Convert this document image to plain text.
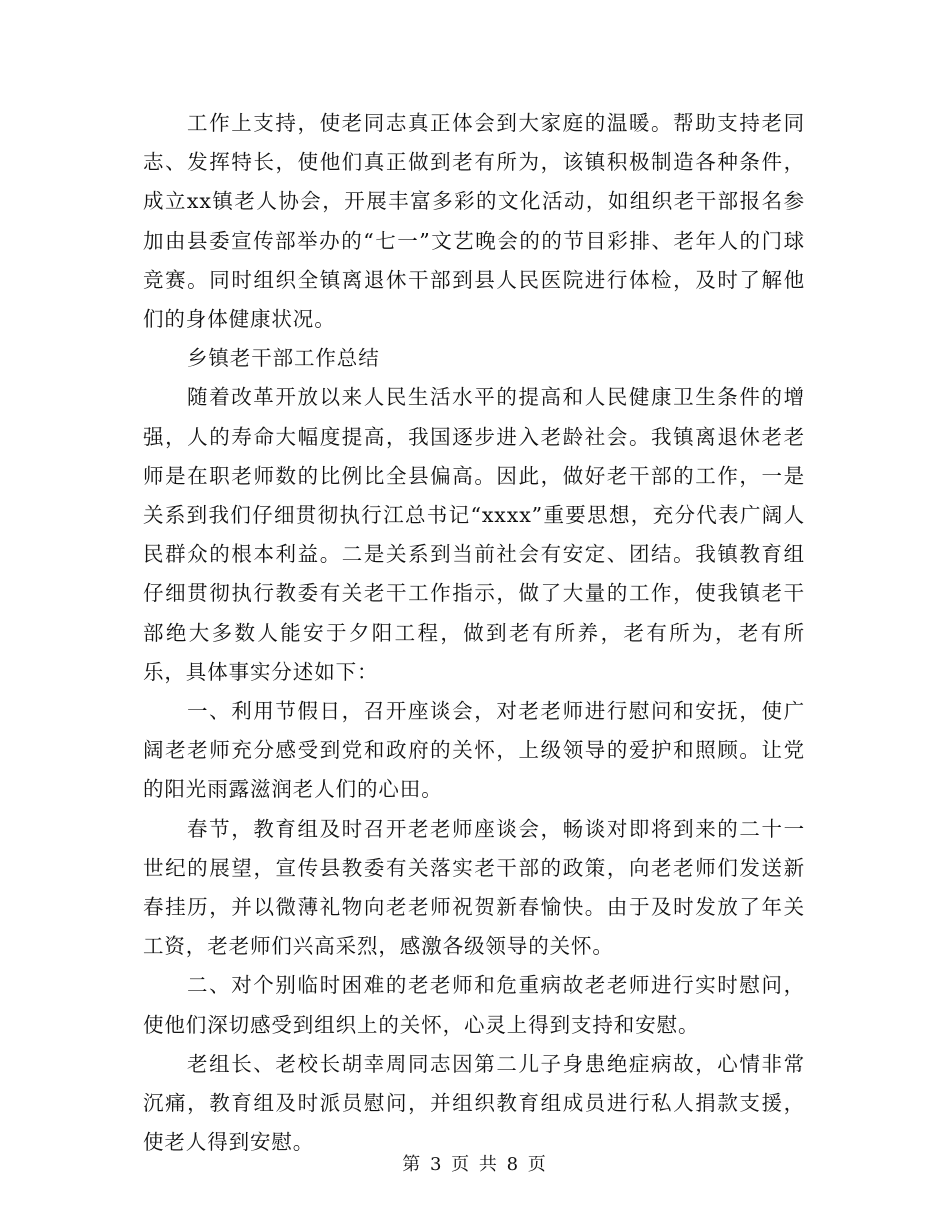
工作上支持，使老同志真正体会到大家庭的温暖。帮助支持老同志、发挥特长，使他们真正做到老有所为，该镇积极制造各种条件，成立xx镇老人协会，开展丰富多彩的文化活动，如组织老干部报名参加由县委宣传部举办的“七一”文艺晚会的的节目彩排、老年人的门球竞赛。同时组织全镇离退休干部到县人民医院进行体检，及时了解他们的身体健康状况。

乡镇老干部工作总结

随着改革开放以来人民生活水平的提高和人民健康卫生条件的增强，人的寿命大幅度提高，我国逐步进入老龄社会。我镇离退休老老师是在职老师数的比例比全县偏高。因此，做好老干部的工作，一是关系到我们仔细贯彻执行江总书记“xxxx”重要思想，充分代表广阔人民群众的根本利益。二是关系到当前社会有安定、团结。我镇教育组仔细贯彻执行教委有关老干工作指示，做了大量的工作，使我镇老干部绝大多数人能安于夕阳工程，做到老有所养，老有所为，老有所乐，具体事实分述如下：

一、利用节假日，召开座谈会，对老老师进行慰问和安抚，使广阔老老师充分感受到党和政府的关怀，上级领导的爱护和照顾。让党的阳光雨露滋润老人们的心田。

春节，教育组及时召开老老师座谈会，畅谈对即将到来的二十一世纪的展望，宣传县教委有关落实老干部的政策，向老老师们发送新春挂历，并以微薄礼物向老老师祝贺新春愉快。由于及时发放了年关工资，老老师们兴高采烈，感激各级领导的关怀。

二、对个别临时困难的老老师和危重病故老老师进行实时慰问，使他们深切感受到组织上的关怀，心灵上得到支持和安慰。

老组长、老校长胡幸周同志因第二儿子身患绝症病故，心情非常沉痛，教育组及时派员慰问，并组织教育组成员进行私人捐款支援，使老人得到安慰。

第 3 页 共 8 页
